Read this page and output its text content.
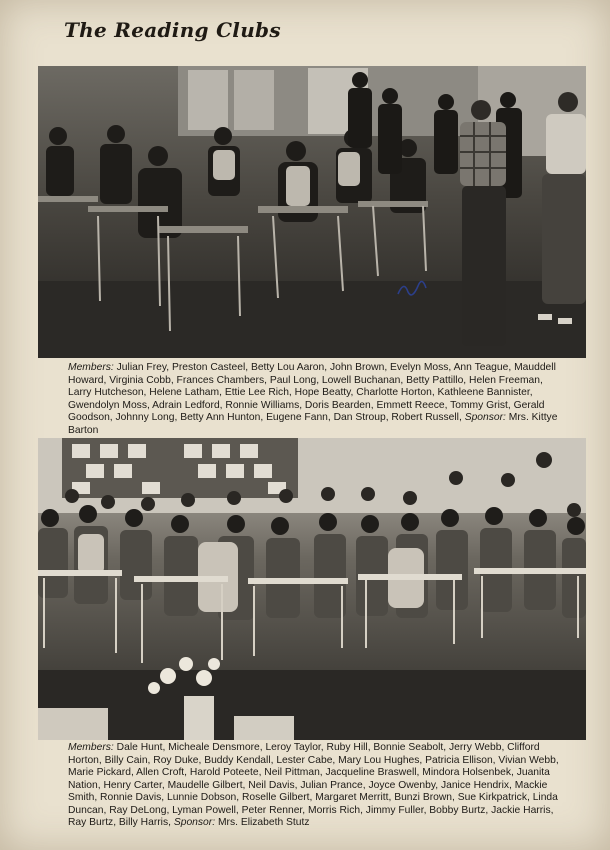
The Reading Clubs
Members: Julian Frey, Preston Casteel, Betty Lou Aaron, John Brown, Evelyn Moss, Ann Teague, Mauddell Howard, Virginia Cobb, Frances Chambers, Paul Long, Lowell Buchanan, Betty Pattillo, Helen Freeman, Larry Hutcheson, Helene Latham, Ettie Lee Rich, Hope Beatty, Charlotte Horton, Kathleene Bannister, Gwendolyn Moss, Adrain Ledford, Ronnie Williams, Doris Bearden, Emmett Reece, Tommy Grist, Gerald Goodson, Johnny Long, Betty Ann Hunton, Eugene Fann, Dan Stroup, Robert Russell, Sponsor: Mrs. Kittye Barton
Members: Dale Hunt, Micheale Densmore, Leroy Taylor, Ruby Hill, Bonnie Seabolt, Jerry Webb, Clifford Horton, Billy Cain, Roy Duke, Buddy Kendall, Lester Cabe, Mary Lou Hughes, Patricia Ellison, Vivian Webb, Marie Pickard, Allen Croft, Harold Poteete, Neil Pittman, Jacqueline Braswell, Mindora Holsenbek, Juanita Nation, Henry Carter, Maudelle Gilbert, Neil Davis, Julian Prance, Joyce Owenby, Janice Hendrix, Mackie Smith, Ronnie Davis, Lunnie Dobson, Roselle Gilbert, Margaret Merritt, Bunzi Brown, Sue Kirkpatrick, Linda Duncan, Ray DeLong, Lyman Powell, Peter Renner, Morris Rich, Jimmy Fuller, Bobby Burtz, Jackie Harris, Ray Burtz, Billy Harris, Sponsor: Mrs. Elizabeth Stutz
